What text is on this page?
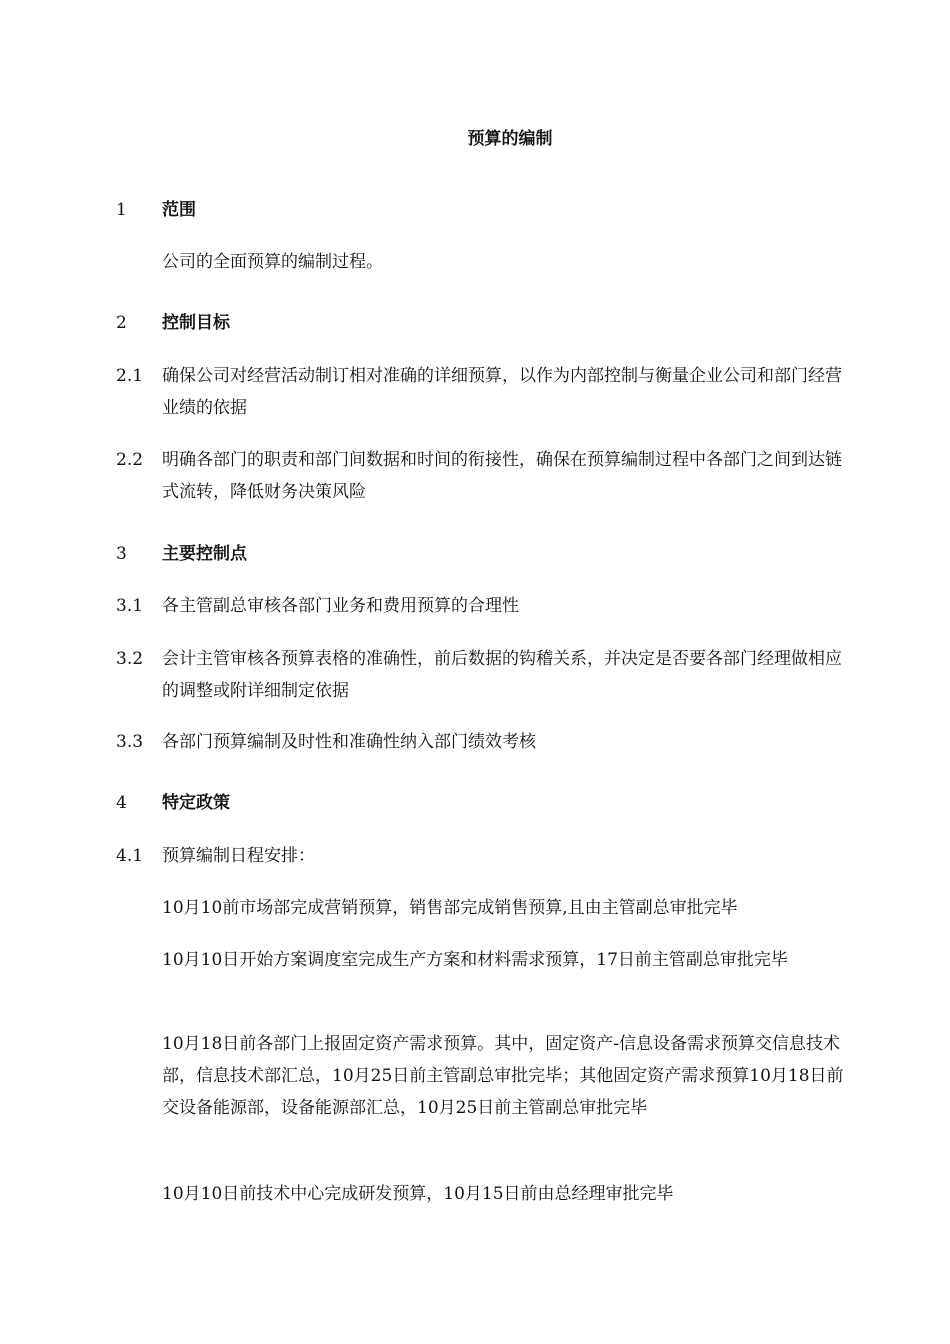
预算的编制
1 范围
公司的全面预算的编制过程。
2 控制目标
2.1 确保公司对经营活动制订相对准确的详细预算，以作为内部控制与衡量企业公司和部门经营业绩的依据
2.2 明确各部门的职责和部门间数据和时间的衔接性，确保在预算编制过程中各部门之间到达链式流转，降低财务决策风险
3 主要控制点
3.1 各主管副总审核各部门业务和费用预算的合理性
3.2 会计主管审核各预算表格的准确性，前后数据的钩稽关系，并决定是否要各部门经理做相应的调整或附详细制定依据
3.3 各部门预算编制及时性和准确性纳入部门绩效考核
4 特定政策
4.1 预算编制日程安排：
10月10前市场部完成营销预算，销售部完成销售预算,且由主管副总审批完毕
10月10日开始方案调度室完成生产方案和材料需求预算，17日前主管副总审批完毕
10月18日前各部门上报固定资产需求预算。其中，固定资产-信息设备需求预算交信息技术部，信息技术部汇总，10月25日前主管副总审批完毕；其他固定资产需求预算10月18日前交设备能源部，设备能源部汇总，10月25日前主管副总审批完毕
10月10日前技术中心完成研发预算，10月15日前由总经理审批完毕
